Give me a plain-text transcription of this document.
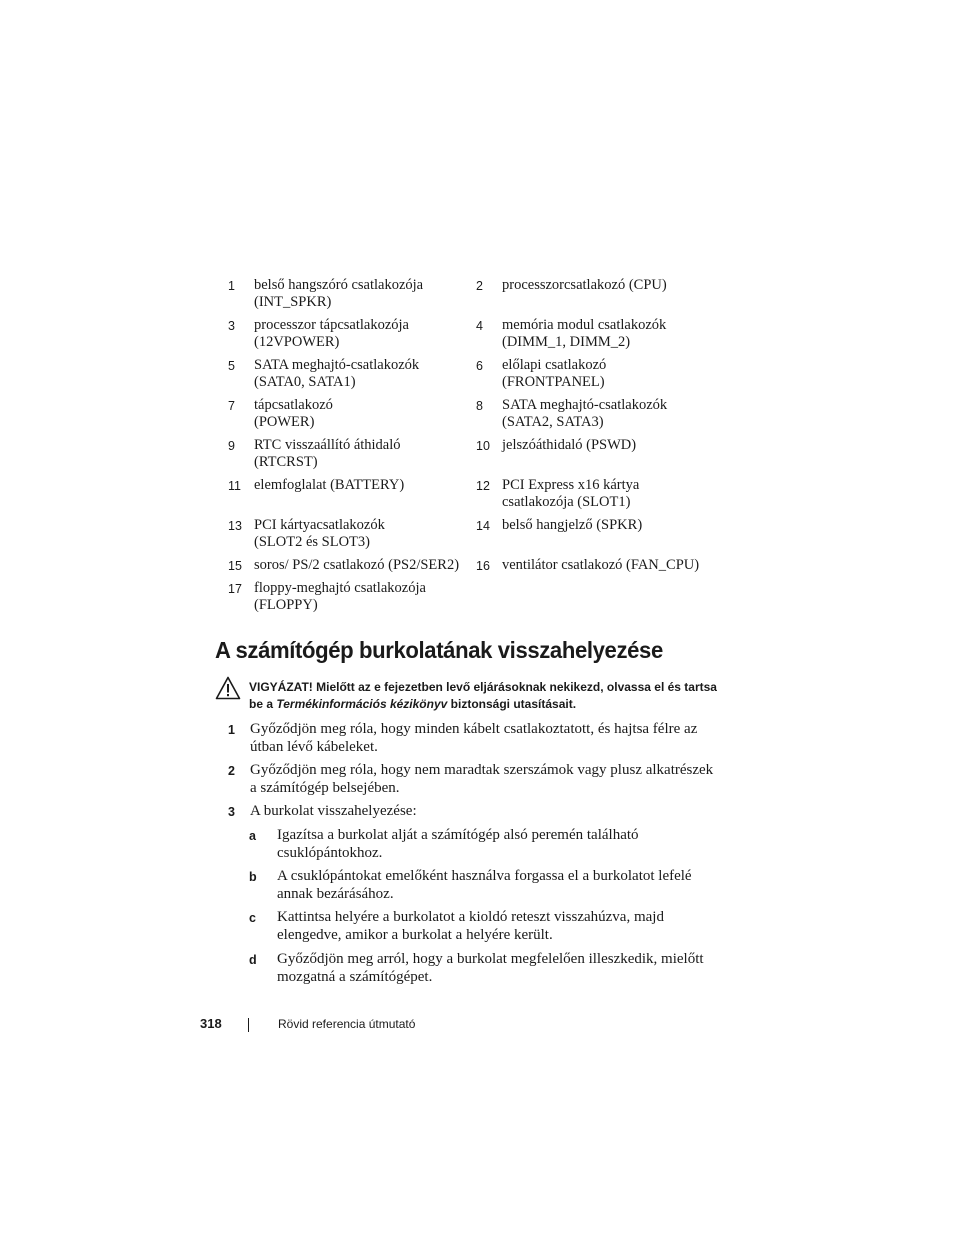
1	belső hangszóró csatlakozója
(INT_SPKR)
2	processzorcsatlakozó (CPU)
3	processzor tápcsatlakozója
(12VPOWER)
4	memória modul csatlakozók
(DIMM_1, DIMM_2)
5	SATA meghajtó-csatlakozók
(SATA0, SATA1)
6	előlapi csatlakozó
(FRONTPANEL)
7	tápcsatlakozó
(POWER)
8	SATA meghajtó-csatlakozók
(SATA2, SATA3)
9	RTC visszaállító áthidaló
(RTCRST)
10 jelszóáthidaló (PSWD)
11 elemfoglalat (BATTERY)	12 PCI Express x16 kártya
csatlakozója (SLOT1)
13 PCI kártyacsatlakozók
(SLOT2 és SLOT3)
14 belső hangjelző (SPKR)
15 soros/ PS/2 csatlakozó (PS2/SER2)	16 ventilátor csatlakozó (FAN_CPU)
17 floppy-meghajtó csatlakozója
(FLOPPY)
A számítógép burkolatának visszahelyezése
VIGYÁZAT! Mielőtt az e fejezetben levő eljárásoknak nekikezd, olvassa el és tartsa be a Termékinformációs kézikönyv biztonsági utasításait.
1	Győződjön meg róla, hogy minden kábelt csatlakoztatott, és hajtsa félre az útban lévő kábeleket.
2	Győződjön meg róla, hogy nem maradtak szerszámok vagy plusz alkatrészek a számítógép belsejében.
3	A burkolat visszahelyezése:
a	Igazítsa a burkolat alját a számítógép alsó peremén található csuklópántokhoz.
b	A csuklópántokat emelőként használva forgassa el a burkolatot lefelé annak bezárásához.
c	Kattintsa helyére a burkolatot a kioldó reteszt visszahúzva, majd elengedve, amikor a burkolat a helyére került.
d	Győződjön meg arról, hogy a burkolat megfelelően illeszkedik, mielőtt mozgatná a számítógépet.
318	Rövid referencia útmutató
